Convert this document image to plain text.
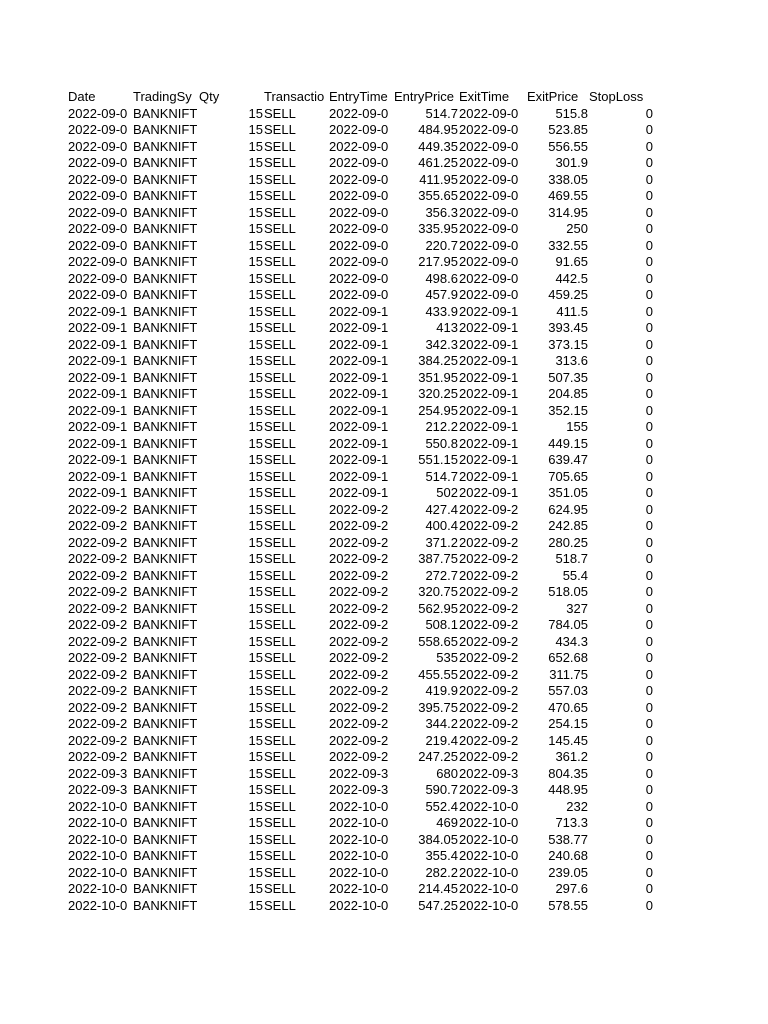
Date	TradingSy Qty	Transactio EntryTime EntryPrice ExitTime	ExitPrice StopLoss
2022-09-0 BANKNIFT	15 SELL	2022-09-0	514.7 2022-09-0	515.8	0
2022-09-0 BANKNIFT	15 SELL	2022-09-0	484.95 2022-09-0	523.85	0
2022-09-0 BANKNIFT	15 SELL	2022-09-0	449.35 2022-09-0	556.55	0
2022-09-0 BANKNIFT	15 SELL	2022-09-0	461.25 2022-09-0	301.9	0
2022-09-0 BANKNIFT	15 SELL	2022-09-0	411.95 2022-09-0	338.05	0
2022-09-0 BANKNIFT	15 SELL	2022-09-0	355.65 2022-09-0	469.55	0
2022-09-0 BANKNIFT	15 SELL	2022-09-0	356.3 2022-09-0	314.95	0
2022-09-0 BANKNIFT	15 SELL	2022-09-0	335.95 2022-09-0	250	0
2022-09-0 BANKNIFT	15 SELL	2022-09-0	220.7 2022-09-0	332.55	0
2022-09-0 BANKNIFT	15 SELL	2022-09-0	217.95 2022-09-0	91.65	0
2022-09-0 BANKNIFT	15 SELL	2022-09-0	498.6 2022-09-0	442.5	0
2022-09-0 BANKNIFT	15 SELL	2022-09-0	457.9 2022-09-0	459.25	0
2022-09-1 BANKNIFT	15 SELL	2022-09-1	433.9 2022-09-1	411.5	0
2022-09-1 BANKNIFT	15 SELL	2022-09-1	413 2022-09-1	393.45	0
2022-09-1 BANKNIFT	15 SELL	2022-09-1	342.3 2022-09-1	373.15	0
2022-09-1 BANKNIFT	15 SELL	2022-09-1	384.25 2022-09-1	313.6	0
2022-09-1 BANKNIFT	15 SELL	2022-09-1	351.95 2022-09-1	507.35	0
2022-09-1 BANKNIFT	15 SELL	2022-09-1	320.25 2022-09-1	204.85	0
2022-09-1 BANKNIFT	15 SELL	2022-09-1	254.95 2022-09-1	352.15	0
2022-09-1 BANKNIFT	15 SELL	2022-09-1	212.2 2022-09-1	155	0
2022-09-1 BANKNIFT	15 SELL	2022-09-1	550.8 2022-09-1	449.15	0
2022-09-1 BANKNIFT	15 SELL	2022-09-1	551.15 2022-09-1	639.47	0
2022-09-1 BANKNIFT	15 SELL	2022-09-1	514.7 2022-09-1	705.65	0
2022-09-1 BANKNIFT	15 SELL	2022-09-1	502 2022-09-1	351.05	0
2022-09-2 BANKNIFT	15 SELL	2022-09-2	427.4 2022-09-2	624.95	0
2022-09-2 BANKNIFT	15 SELL	2022-09-2	400.4 2022-09-2	242.85	0
2022-09-2 BANKNIFT	15 SELL	2022-09-2	371.2 2022-09-2	280.25	0
2022-09-2 BANKNIFT	15 SELL	2022-09-2	387.75 2022-09-2	518.7	0
2022-09-2 BANKNIFT	15 SELL	2022-09-2	272.7 2022-09-2	55.4	0
2022-09-2 BANKNIFT	15 SELL	2022-09-2	320.75 2022-09-2	518.05	0
2022-09-2 BANKNIFT	15 SELL	2022-09-2	562.95 2022-09-2	327	0
2022-09-2 BANKNIFT	15 SELL	2022-09-2	508.1 2022-09-2	784.05	0
2022-09-2 BANKNIFT	15 SELL	2022-09-2	558.65 2022-09-2	434.3	0
2022-09-2 BANKNIFT	15 SELL	2022-09-2	535 2022-09-2	652.68	0
2022-09-2 BANKNIFT	15 SELL	2022-09-2	455.55 2022-09-2	311.75	0
2022-09-2 BANKNIFT	15 SELL	2022-09-2	419.9 2022-09-2	557.03	0
2022-09-2 BANKNIFT	15 SELL	2022-09-2	395.75 2022-09-2	470.65	0
2022-09-2 BANKNIFT	15 SELL	2022-09-2	344.2 2022-09-2	254.15	0
2022-09-2 BANKNIFT	15 SELL	2022-09-2	219.4 2022-09-2	145.45	0
2022-09-2 BANKNIFT	15 SELL	2022-09-2	247.25 2022-09-2	361.2	0
2022-09-3 BANKNIFT	15 SELL	2022-09-3	680 2022-09-3	804.35	0
2022-09-3 BANKNIFT	15 SELL	2022-09-3	590.7 2022-09-3	448.95	0
2022-10-0 BANKNIFT	15 SELL	2022-10-0	552.4 2022-10-0	232	0
2022-10-0 BANKNIFT	15 SELL	2022-10-0	469 2022-10-0	713.3	0
2022-10-0 BANKNIFT	15 SELL	2022-10-0	384.05 2022-10-0	538.77	0
2022-10-0 BANKNIFT	15 SELL	2022-10-0	355.4 2022-10-0	240.68	0
2022-10-0 BANKNIFT	15 SELL	2022-10-0	282.2 2022-10-0	239.05	0
2022-10-0 BANKNIFT	15 SELL	2022-10-0	214.45 2022-10-0	297.6	0
2022-10-0 BANKNIFT	15 SELL	2022-10-0	547.25 2022-10-0	578.55	0
